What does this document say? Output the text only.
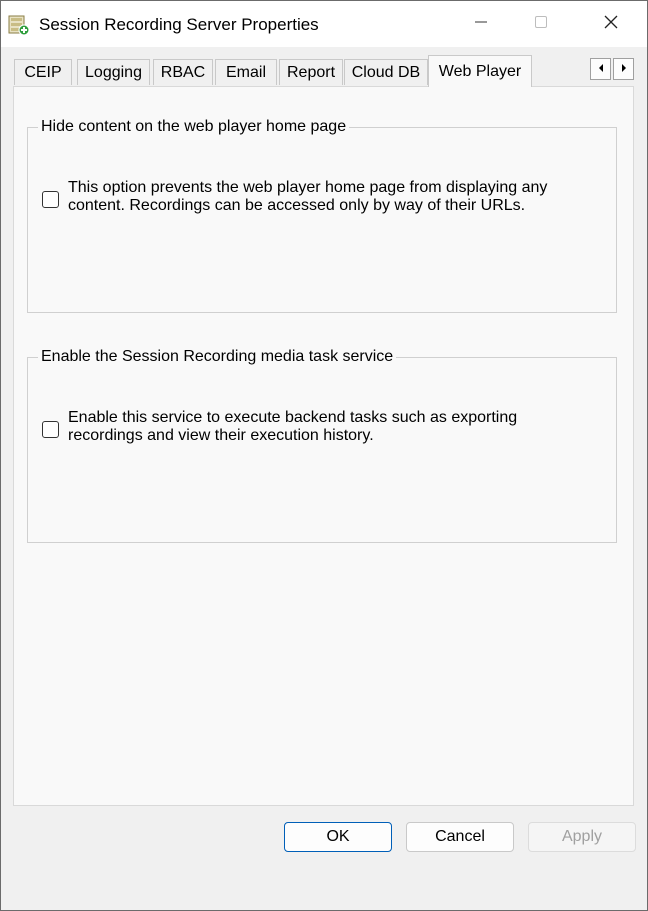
Session Recording Server Properties
CEIP	Logging	RBAC	Email	Report	Cloud DB	Web Player
Hide content on the web player home page
This option prevents the web player home page from displaying any
content. Recordings can be accessed only by way of their URLs.
Enable the Session Recording media task service
Enable this service to execute backend tasks such as exporting
recordings and view their execution history.
OK	Cancel	Apply
